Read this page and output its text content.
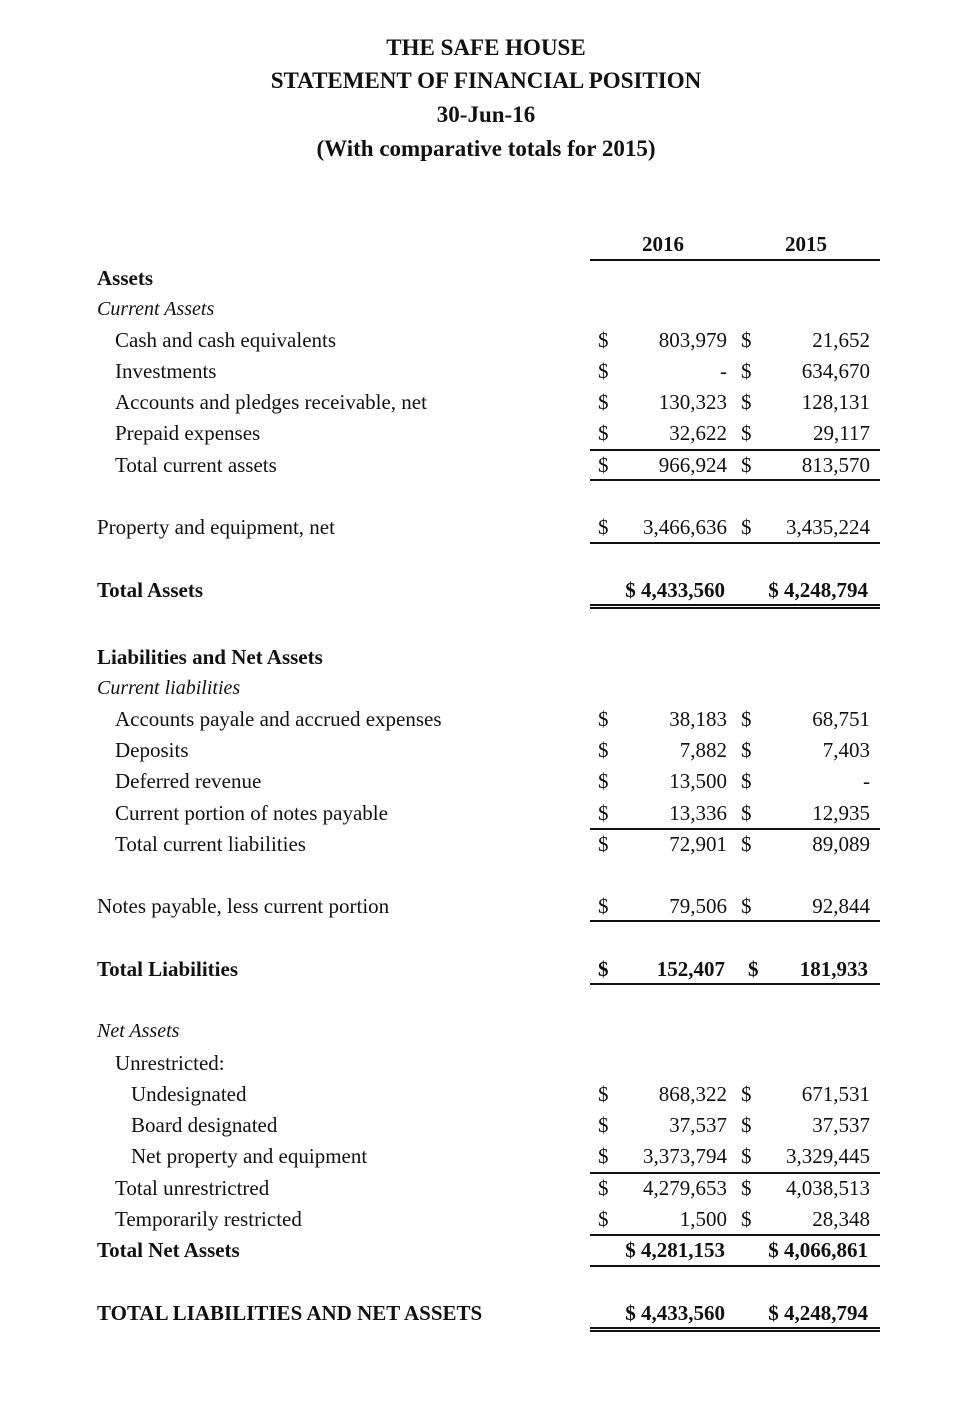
THE SAFE HOUSE
STATEMENT OF FINANCIAL POSITION
30-Jun-16
(With comparative totals for 2015)
2016	2015
Assets
Current Assets
Cash and cash equivalents	$	803,979 $	21,652
Investments	$	- $	634,670
Accounts and pledges receivable, net	$	130,323 $	128,131
Prepaid expenses	$	32,622 $	29,117
Total current assets	$	966,924 $	813,570
Property and equipment, net	$	3,466,636 $	3,435,224
Total Assets	$ 4,433,560	$ 4,248,794
Liabilities and Net Assets
Current liabilities
Accounts payale and accrued expenses	$	38,183 $	68,751
Deposits	$	7,882 $	7,403
Deferred revenue	$	13,500 $	-
Current portion of notes payable	$	13,336 $	12,935
Total current liabilities	$	72,901 $	89,089
Notes payable, less current portion	$	79,506 $	92,844
Total Liabilities	$	152,407 $	181,933
Net Assets
Unrestricted:
Undesignated	$	868,322 $	671,531
Board designated	$	37,537 $	37,537
Net property and equipment	$	3,373,794 $	3,329,445
Total unrestrictred	$	4,279,653 $	4,038,513
Temporarily restricted	$	1,500 $	28,348
Total Net Assets	$ 4,281,153	$ 4,066,861
TOTAL LIABILITIES AND NET ASSETS	$ 4,433,560	$ 4,248,794
